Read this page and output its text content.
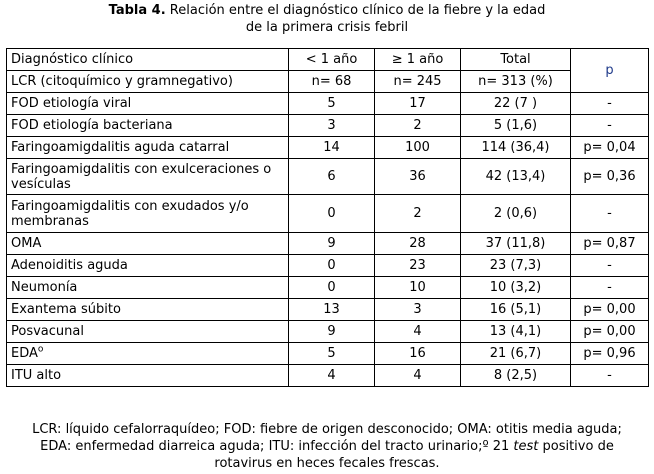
Tabla 4. Relación entre el diagnóstico clínico de la fiebre y la edad
de la primera crisis febril
Diagnóstico clínico	< 1 año	≥ 1 año	Total	p
LCR (citoquímico y gramnegativo)	n= 68	n= 245	n= 313 (%)	
FOD etiología viral	5	17	22 (7 )	-
FOD etiología bacteriana	3	2	5 (1,6)	-
Faringoamigdalitis aguda catarral	14	100	114 (36,4)	p= 0,04
Faringoamigdalitis con exulceraciones o vesículas	6	36	42 (13,4)	p= 0,36
Faringoamigdalitis con exudados y/o membranas	0	2	2 (0,6)	-
OMA	9	28	37 (11,8)	p= 0,87
Adenoiditis aguda	0	23	23 (7,3)	-
Neumonía	0	10	10 (3,2)	-
Exantema súbito	13	3	16 (5,1)	p= 0,00
Posvacunal	9	4	13 (4,1)	p= 0,00
EDA$^o$	5	16	21 (6,7)	p= 0,96
ITU alto	4	4	8 (2,5)	-
LCR: líquido cefalorraquídeo; FOD: fiebre de origen desconocido; OMA: otitis media aguda; EDA: enfermedad diarreica aguda; ITU: infección del tracto urinario;º 21 test positivo de rotavirus en heces fecales frescas.
